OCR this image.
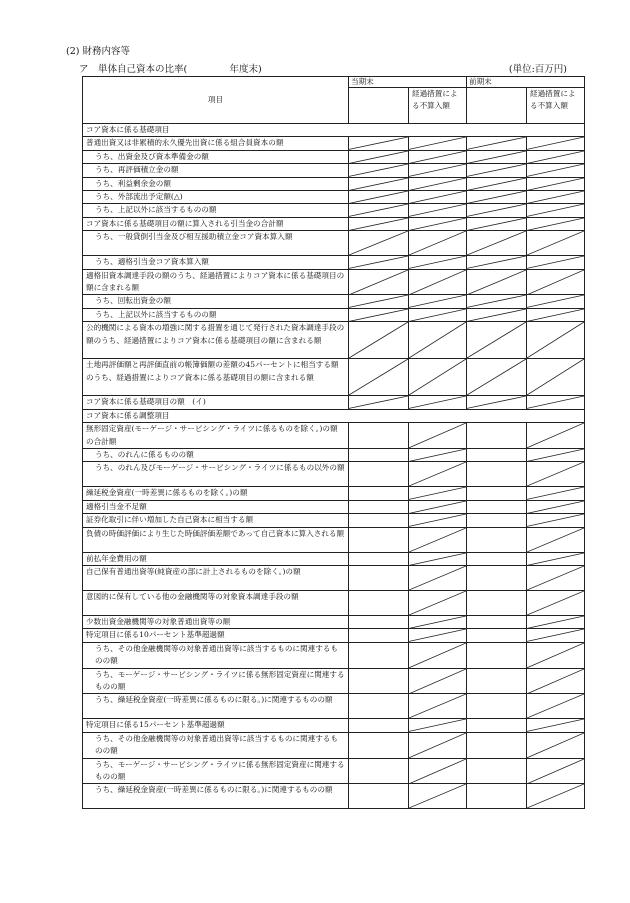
(2) 財務内容等
ア　単体自己資本の比率(	年度末)	(単位:百万円)
項目	当期末		前期末	
		経過措置による不算入額		経過措置による不算入額
コア資本に係る基礎項目				
普通出資又は非累積的永久優先出資に係る組合員資本の額	

うち、出資金及び資本準備金の額	

うち、再評価積立金の額	

うち、利益剰余金の額	

うち、外部流出予定額(△)	

うち、上記以外に該当するものの額	

コア資本に係る基礎項目の額に算入される引当金の合計額	

うち、一般貸倒引当金及び相互援助積立金コア資本算入額	

うち、適格引当金コア資本算入額	

適格旧資本調達手段の額のうち、経過措置によりコア資本に係る基礎項目の額に含まれる額	

うち、回転出資金の額	

うち、上記以外に該当するものの額	

公的機関による資本の増強に関する措置を通じて発行された資本調達手段の額のうち、経過措置によりコア資本に係る基礎項目の額に含まれる額	

土地再評価額と再評価直前の帳簿価額の差額の45パーセントに相当する額のうち、経過措置によりコア資本に係る基礎項目の額に含まれる額	

コア資本に係る基礎項目の額　(イ)	

コア資本に係る調整項目				
無形固定資産(モーゲージ・サービシング・ライツに係るものを除く。)の額の合計額		

うち、のれんに係るものの額		

うち、のれん及びモーゲージ・サービシング・ライツに係るもの以外の額		

繰延税金資産(一時差異に係るものを除く。)の額		

適格引当金不足額		

証券化取引に伴い増加した自己資本に相当する額		

負債の時価評価により生じた時価評価差額であって自己資本に算入される額		

前払年金費用の額		

自己保有普通出資等(純資産の部に計上されるものを除く。)の額		

意図的に保有している他の金融機関等の対象資本調達手段の額		

少数出資金融機関等の対象普通出資等の額		

特定項目に係る10パーセント基準超過額		

うち、その他金融機関等の対象普通出資等に該当するものに関連するものの額		

うち、モーゲージ・サービシング・ライツに係る無形固定資産に関連するものの額		

うち、繰延税金資産(一時差異に係るものに限る。)に関連するものの額		

特定項目に係る15パーセント基準超過額		

うち、その他金融機関等の対象普通出資等に該当するものに関連するものの額		

うち、モーゲージ・サービシング・ライツに係る無形固定資産に関連するものの額		

うち、繰延税金資産(一時差異に係るものに限る。)に関連するものの額		
